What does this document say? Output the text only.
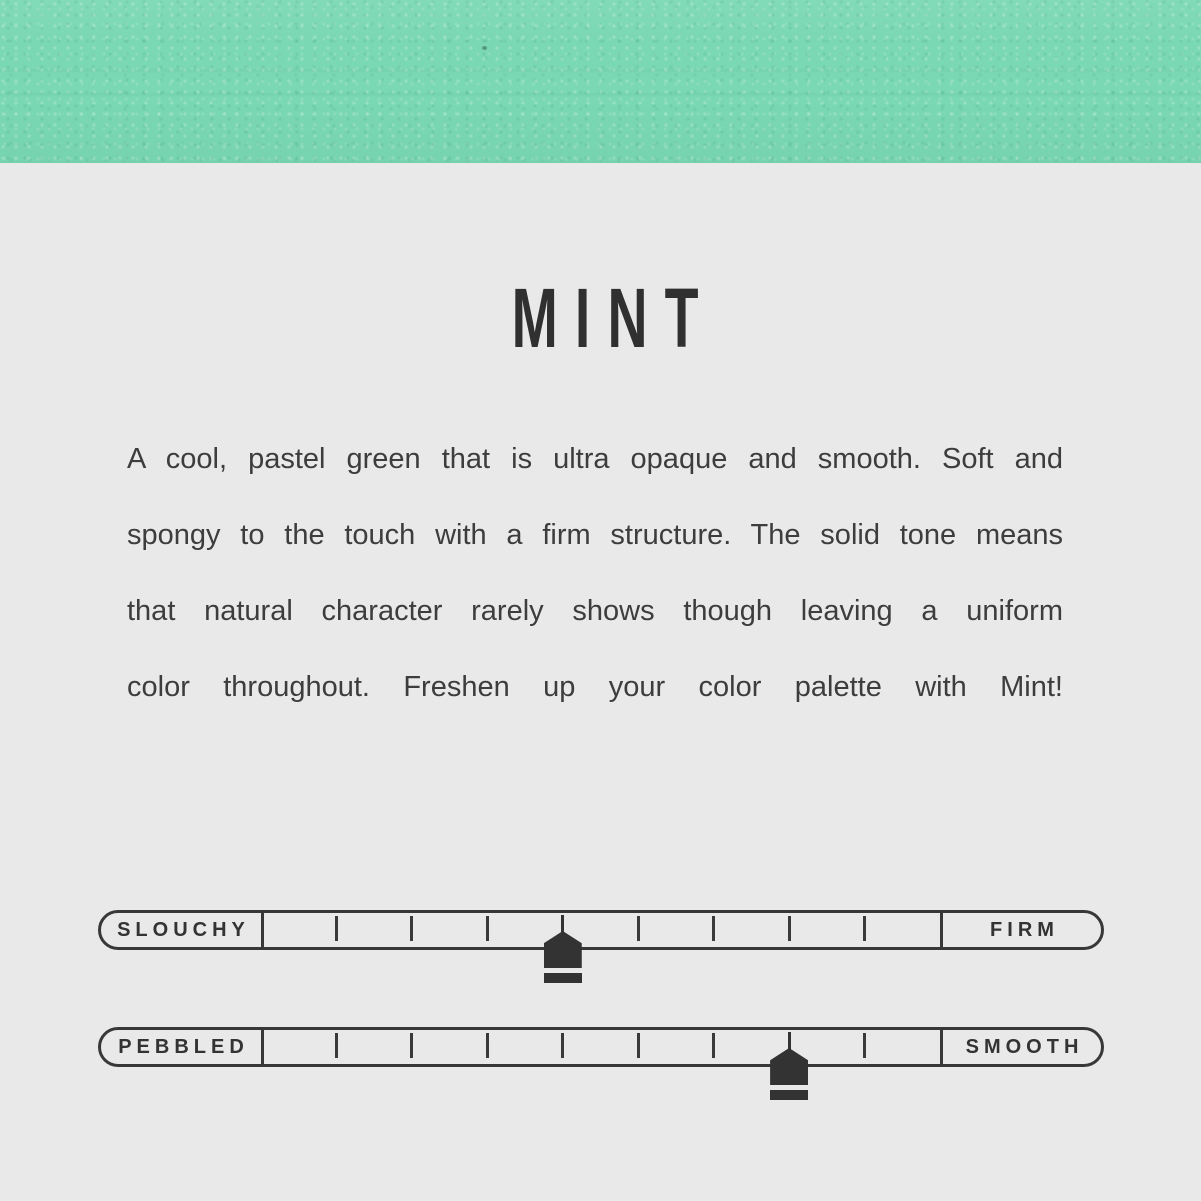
MINT
A cool, pastel green that is ultra opaque and smooth. Soft and
spongy to the touch with a firm structure. The solid tone means
that natural character rarely shows though leaving a uniform
color throughout. Freshen up your color palette with Mint!
SLOUCHY	FIRM
PEBBLED	SMOOTH
